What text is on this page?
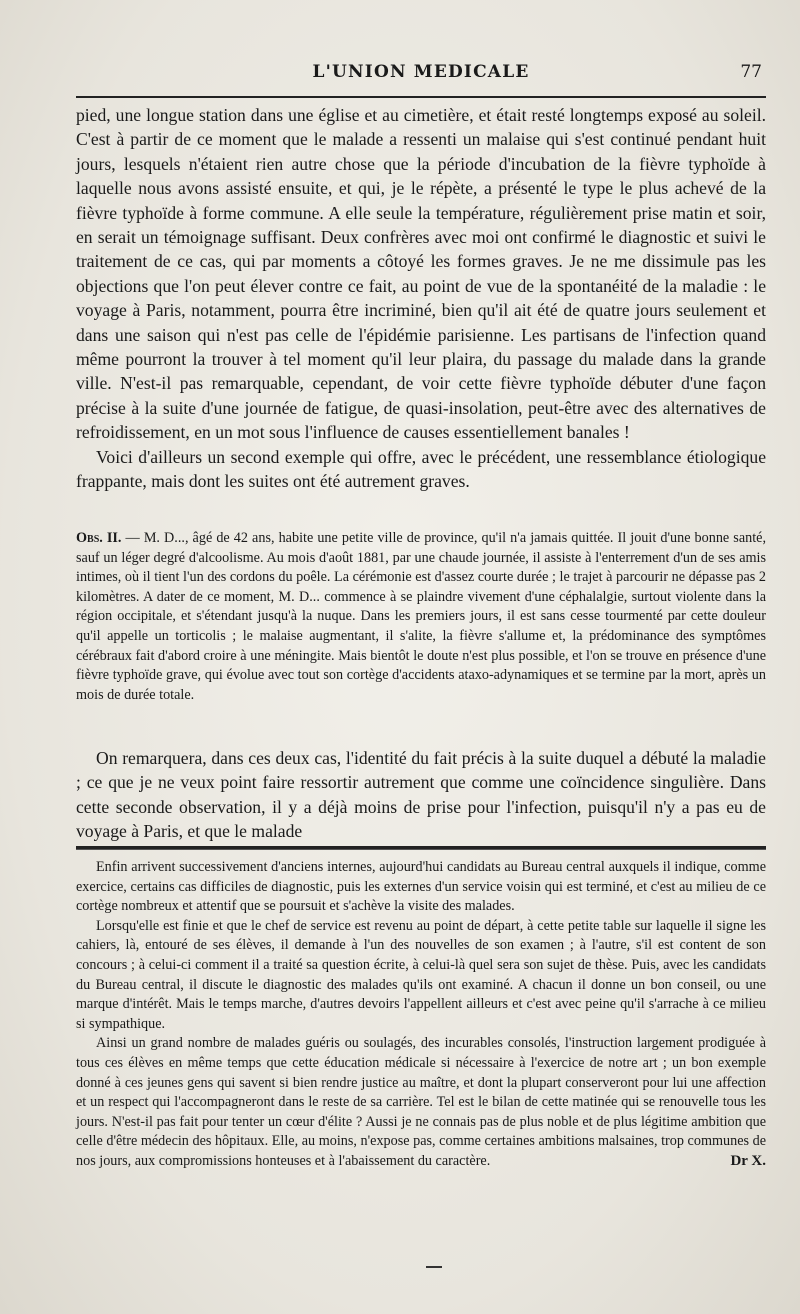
L'UNION MEDICALE	77

pied, une longue station dans une église et au cimetière, et était resté longtemps exposé au soleil. C'est à partir de ce moment que le malade a ressenti un malaise qui s'est continué pendant huit jours, lesquels n'étaient rien autre chose que la période d'incubation de la fièvre typhoïde à laquelle nous avons assisté ensuite, et qui, je le répète, a présenté le type le plus achevé de la fièvre typhoïde à forme commune. A elle seule la température, régulièrement prise matin et soir, en serait un témoignage suffisant. Deux confrères avec moi ont confirmé le diagnostic et suivi le traitement de ce cas, qui par moments a côtoyé les formes graves. Je ne me dissimule pas les objections que l'on peut élever contre ce fait, au point de vue de la spontanéité de la maladie : le voyage à Paris, notamment, pourra être incriminé, bien qu'il ait été de quatre jours seulement et dans une saison qui n'est pas celle de l'épidémie parisienne. Les partisans de l'infection quand même pourront la trouver à tel moment qu'il leur plaira, du passage du malade dans la grande ville. N'est-il pas remarquable, cependant, de voir cette fièvre typhoïde débuter d'une façon précise à la suite d'une journée de fatigue, de quasi-insolation, peut-être avec des alternatives de refroidissement, en un mot sous l'influence de causes essentiellement banales !

Voici d'ailleurs un second exemple qui offre, avec le précédent, une ressemblance étiologique frappante, mais dont les suites ont été autrement graves.

Obs. II. — M. D..., âgé de 42 ans, habite une petite ville de province, qu'il n'a jamais quittée. Il jouit d'une bonne santé, sauf un léger degré d'alcoolisme. Au mois d'août 1881, par une chaude journée, il assiste à l'enterrement d'un de ses amis intimes, où il tient l'un des cordons du poêle. La cérémonie est d'assez courte durée ; le trajet à parcourir ne dépasse pas 2 kilomètres. A dater de ce moment, M. D... commence à se plaindre vivement d'une céphalalgie, surtout violente dans la région occipitale, et s'étendant jusqu'à la nuque. Dans les premiers jours, il est sans cesse tourmenté par cette douleur qu'il appelle un torticolis ; le malaise augmentant, il s'alite, la fièvre s'allume et, la prédominance des symptômes cérébraux fait d'abord croire à une méningite. Mais bientôt le doute n'est plus possible, et l'on se trouve en présence d'une fièvre typhoïde grave, qui évolue avec tout son cortège d'accidents ataxo-adynamiques et se termine par la mort, après un mois de durée totale.

On remarquera, dans ces deux cas, l'identité du fait précis à la suite duquel a débuté la maladie ; ce que je ne veux point faire ressortir autrement que comme une coïncidence singulière. Dans cette seconde observation, il y a déjà moins de prise pour l'infection, puisqu'il n'y a pas eu de voyage à Paris, et que le malade

Enfin arrivent successivement d'anciens internes, aujourd'hui candidats au Bureau central auxquels il indique, comme exercice, certains cas difficiles de diagnostic, puis les externes d'un service voisin qui est terminé, et c'est au milieu de ce cortège nombreux et attentif que se poursuit et s'achève la visite des malades.

Lorsqu'elle est finie et que le chef de service est revenu au point de départ, à cette petite table sur laquelle il signe les cahiers, là, entouré de ses élèves, il demande à l'un des nouvelles de son examen ; à l'autre, s'il est content de son concours ; à celui-ci comment il a traité sa question écrite, à celui-là quel sera son sujet de thèse. Puis, avec les candidats du Bureau central, il discute le diagnostic des malades qu'ils ont examiné. A chacun il donne un bon conseil, ou une marque d'intérêt. Mais le temps marche, d'autres devoirs l'appellent ailleurs et c'est avec peine qu'il s'arrache à ce milieu si sympathique.

Ainsi un grand nombre de malades guéris ou soulagés, des incurables consolés, l'instruction largement prodiguée à tous ces élèves en même temps que cette éducation médicale si nécessaire à l'exercice de notre art ; un bon exemple donné à ces jeunes gens qui savent si bien rendre justice au maître, et dont la plupart conserveront pour lui une affection et un respect qui l'accompagneront dans le reste de sa carrière. Tel est le bilan de cette matinée qui se renouvelle tous les jours. N'est-il pas fait pour tenter un cœur d'élite ? Aussi je ne connais pas de plus noble et de plus légitime ambition que celle d'être médecin des hôpitaux. Elle, au moins, n'expose pas, comme certaines ambitions malsaines, trop communes de nos jours, aux compromissions honteuses et à l'abaissement du caractère.	Dr X.
